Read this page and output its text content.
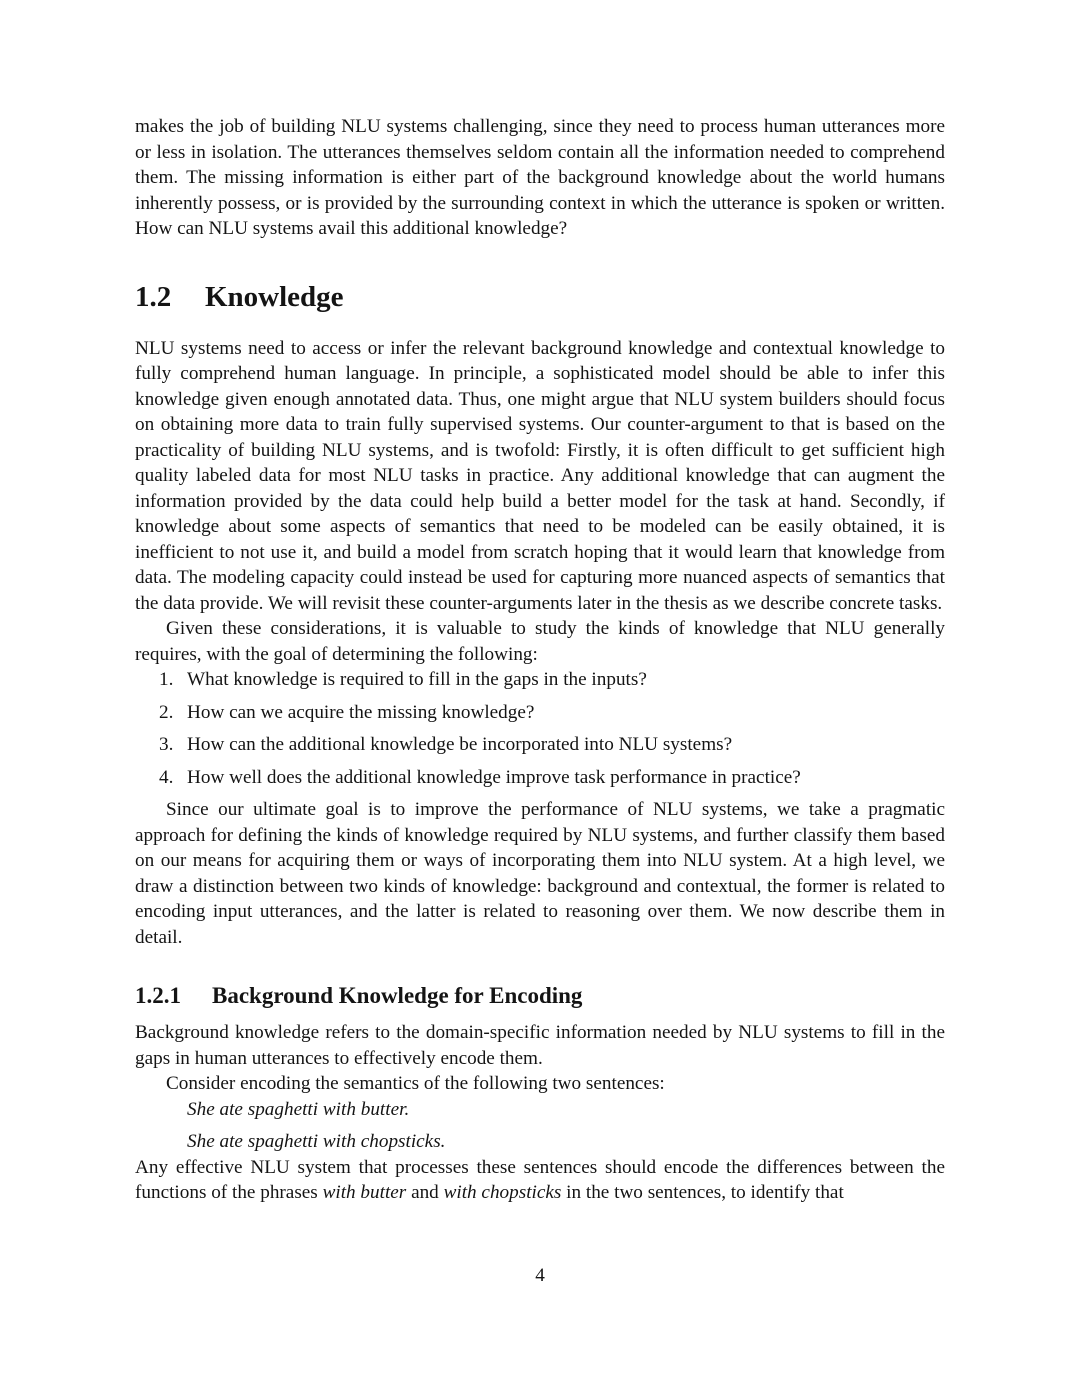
makes the job of building NLU systems challenging, since they need to process human utterances more or less in isolation. The utterances themselves seldom contain all the information needed to comprehend them. The missing information is either part of the background knowledge about the world humans inherently possess, or is provided by the surrounding context in which the utterance is spoken or written. How can NLU systems avail this additional knowledge?

1.2 Knowledge

NLU systems need to access or infer the relevant background knowledge and contextual knowledge to fully comprehend human language. In principle, a sophisticated model should be able to infer this knowledge given enough annotated data. Thus, one might argue that NLU system builders should focus on obtaining more data to train fully supervised systems. Our counter-argument to that is based on the practicality of building NLU systems, and is twofold: Firstly, it is often difficult to get sufficient high quality labeled data for most NLU tasks in practice. Any additional knowledge that can augment the information provided by the data could help build a better model for the task at hand. Secondly, if knowledge about some aspects of semantics that need to be modeled can be easily obtained, it is inefficient to not use it, and build a model from scratch hoping that it would learn that knowledge from data. The modeling capacity could instead be used for capturing more nuanced aspects of semantics that the data provide. We will revisit these counter-arguments later in the thesis as we describe concrete tasks.

Given these considerations, it is valuable to study the kinds of knowledge that NLU generally requires, with the goal of determining the following:

1. What knowledge is required to fill in the gaps in the inputs?
2. How can we acquire the missing knowledge?
3. How can the additional knowledge be incorporated into NLU systems?
4. How well does the additional knowledge improve task performance in practice?

Since our ultimate goal is to improve the performance of NLU systems, we take a pragmatic approach for defining the kinds of knowledge required by NLU systems, and further classify them based on our means for acquiring them or ways of incorporating them into NLU system. At a high level, we draw a distinction between two kinds of knowledge: background and contextual, the former is related to encoding input utterances, and the latter is related to reasoning over them. We now describe them in detail.

1.2.1 Background Knowledge for Encoding

Background knowledge refers to the domain-specific information needed by NLU systems to fill in the gaps in human utterances to effectively encode them.

Consider encoding the semantics of the following two sentences:

She ate spaghetti with butter.
She ate spaghetti with chopsticks.

Any effective NLU system that processes these sentences should encode the differences between the functions of the phrases with butter and with chopsticks in the two sentences, to identify that

4
